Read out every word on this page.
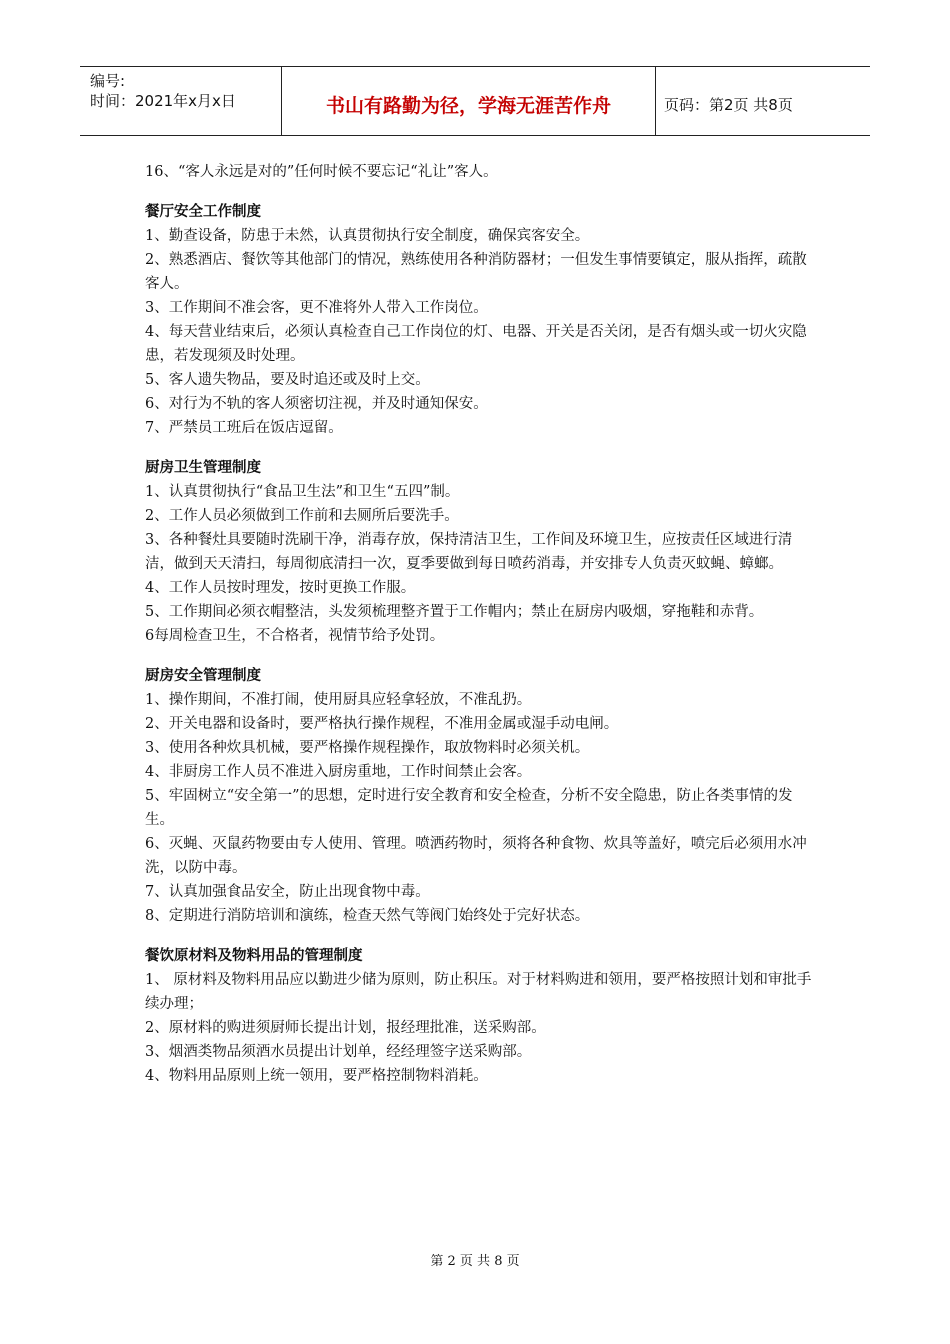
编号:
时间：2021年x月x日	书山有路勤为径，学海无涯苦作舟	页码：第2页 共8页

16、“客人永远是对的”任何时候不要忘记“礼让”客人。

餐厅安全工作制度

1、勤查设备，防患于未然，认真贯彻执行安全制度，确保宾客安全。

2、熟悉酒店、餐饮等其他部门的情况，熟练使用各种消防器材；一但发生事情要镇定，服从指挥，疏散客人。

3、工作期间不准会客，更不准将外人带入工作岗位。

4、每天营业结束后，必须认真检查自己工作岗位的灯、电器、开关是否关闭，是否有烟头或一切火灾隐患，若发现须及时处理。

5、客人遗失物品，要及时追还或及时上交。

6、对行为不轨的客人须密切注视，并及时通知保安。

7、严禁员工班后在饭店逗留。

厨房卫生管理制度

1、认真贯彻执行“食品卫生法”和卫生“五四”制。

2、工作人员必须做到工作前和去厕所后要洗手。

3、各种餐灶具要随时洗刷干净，消毒存放，保持清洁卫生，工作间及环境卫生，应按责任区域进行清洁，做到天天清扫，每周彻底清扫一次，夏季要做到每日喷药消毒，并安排专人负责灭蚊蝇、蟑螂。

4、工作人员按时理发，按时更换工作服。

5、工作期间必须衣帽整洁，头发须梳理整齐置于工作帽内；禁止在厨房内吸烟，穿拖鞋和赤背。

6每周检查卫生，不合格者，视情节给予处罚。

厨房安全管理制度

1、操作期间，不准打闹，使用厨具应轻拿轻放，不准乱扔。

2、开关电器和设备时，要严格执行操作规程，不准用金属或湿手动电闸。

3、使用各种炊具机械，要严格操作规程操作，取放物料时必须关机。

4、非厨房工作人员不准进入厨房重地，工作时间禁止会客。

5、牢固树立“安全第一”的思想，定时进行安全教育和安全检查，分析不安全隐患，防止各类事情的发生。

6、灭蝇、灭鼠药物要由专人使用、管理。喷洒药物时，须将各种食物、炊具等盖好，喷完后必须用水冲洗，以防中毒。

7、认真加强食品安全，防止出现食物中毒。

8、定期进行消防培训和演练，检查天然气等阀门始终处于完好状态。

餐饮原材料及物料用品的管理制度

1、 原材料及物料用品应以勤进少储为原则，防止积压。对于材料购进和领用，要严格按照计划和审批手续办理；

2、原材料的购进须厨师长提出计划，报经理批准，送采购部。

3、烟酒类物品须酒水员提出计划单，经经理签字送采购部。

4、物料用品原则上统一领用，要严格控制物料消耗。

第 2 页 共 8 页
